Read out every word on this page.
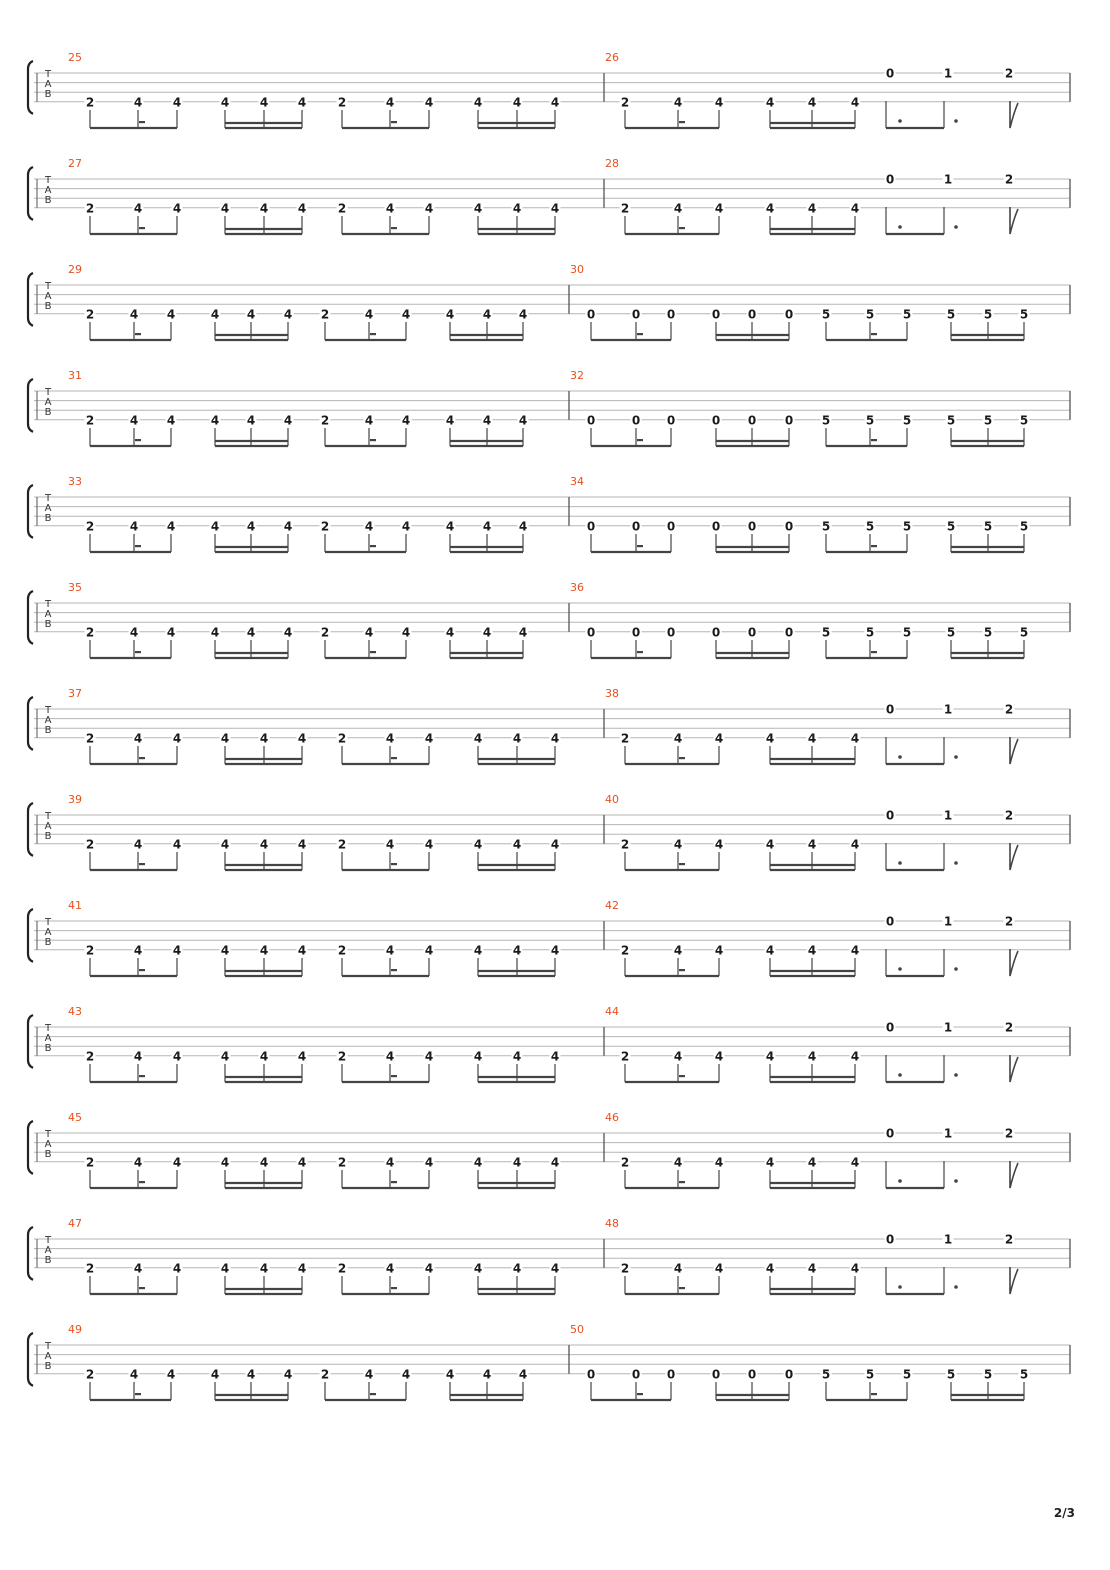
T
A
B
25
2	4	4	4	4 4	2	4	4	4	4 4
26
2	4	4	4	4	4
0	1	2
T
A
B
27
2	4	4	4	4 4	2	4	4	4	4 4
28
2	4	4	4	4	4
0	1	2
T
A
B
29
2	4 4	4 4 4 2	4 4	4 4 4
30
0	0 0	0 0 0 5	5 5	5 5 5
T
A
B
31
2	4 4	4 4 4 2	4 4	4 4 4
32
0	0 0	0 0 0 5	5 5	5 5 5
T
A
B
33
2	4 4	4 4 4 2	4 4	4 4 4
34
0	0 0	0 0 0 5	5 5	5 5 5
T
A
B
35
2	4 4	4 4 4 2	4 4	4 4 4
36
0	0 0	0 0 0 5	5 5	5 5 5
T
A
B
37
2	4	4	4	4 4	2	4	4	4	4 4
38
2	4	4	4	4	4
0	1	2
T
A
B
39
2	4	4	4	4 4	2	4	4	4	4 4
40
2	4	4	4	4	4
0	1	2
T
A
B
41
2	4	4	4	4 4	2	4	4	4	4 4
42
2	4	4	4	4	4
0	1	2
T
A
B
43
2	4	4	4	4 4	2	4	4	4	4 4
44
2	4	4	4	4	4
0	1	2
T
A
B
45
2	4	4	4	4 4	2	4	4	4	4 4
46
2	4	4	4	4	4
0	1	2
T
A
B
47
2	4	4	4	4 4	2	4	4	4	4 4
48
2	4	4	4	4	4
0	1	2
T
A
B
49
2	4 4	4 4 4 2	4 4	4 4 4
50
0	0 0	0 0 0 5	5 5	5 5 5
2/3
